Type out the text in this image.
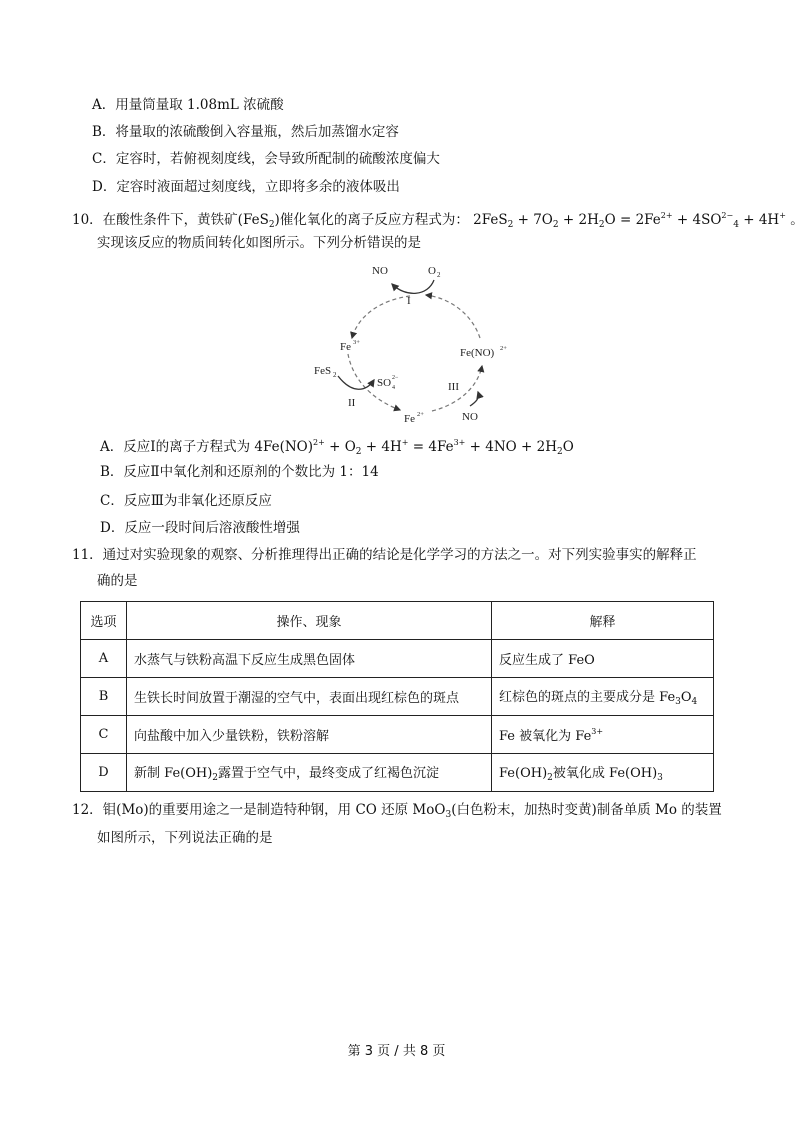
A．用量筒量取 1.08mL 浓硫酸
B．将量取的浓硫酸倒入容量瓶，然后加蒸馏水定容
C．定容时，若俯视刻度线，会导致所配制的硫酸浓度偏大
D．定容时液面超过刻度线，立即将多余的液体吸出
10．在酸性条件下，黄铁矿(FeS$_2$)催化氧化的离子反应方程式为： $2FeS_2 + 7O_2 + 2H_2O = 2Fe^{2+} + 4SO^{2-}_4 + 4H^+$ 。
实现该反应的物质间转化如图所示。下列分析错误的是
NO	O 2
I
Fe 3+
Fe(NO) 2+
FeS 2
SO 2−
4
II
III
Fe 2+	NO
A．反应Ⅰ的离子方程式为 $4Fe(NO)^{2+} + O_2 + 4H^+ = 4Fe^{3+} + 4NO + 2H_2O$
B．反应Ⅱ中氧化剂和还原剂的个数比为 1：14
C．反应Ⅲ为非氧化还原反应
D．反应一段时间后溶液酸性增强
11．通过对实验现象的观察、分析推理得出正确的结论是化学学习的方法之一。对下列实验事实的解释正
确的是
选项	操作、现象	解释
A	水蒸气与铁粉高温下反应生成黑色固体	反应生成了 FeO
B	生铁长时间放置于潮湿的空气中，表面出现红棕色的斑点	红棕色的斑点的主要成分是 $Fe_3O_4$
C	向盐酸中加入少量铁粉，铁粉溶解	Fe 被氧化为 $Fe^{3+}$
D	新制 $Fe(OH)_2$露置于空气中，最终变成了红褐色沉淀	$Fe(OH)_2$被氧化成 $Fe(OH)_3$
12．钼(Mo)的重要用途之一是制造特种钢，用 CO 还原 MoO$_3$(白色粉末，加热时变黄)制备单质 Mo 的装置
如图所示，下列说法正确的是
第 3 页 / 共 8 页
